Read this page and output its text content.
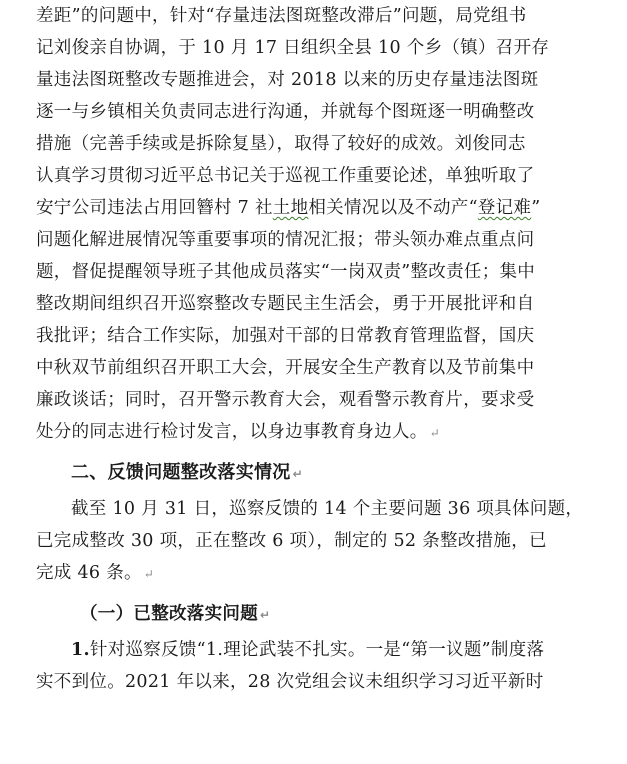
差距”的问题中，针对“存量违法图斑整改滞后”问题，局党组书
记刘俊亲自协调，于 10 月 17 日组织全县 10 个乡（镇）召开存
量违法图斑整改专题推进会，对 2018 以来的历史存量违法图斑
逐一与乡镇相关负责同志进行沟通，并就每个图斑逐一明确整改
措施（完善手续或是拆除复垦），取得了较好的成效。刘俊同志
认真学习贯彻习近平总书记关于巡视工作重要论述，单独听取了
安宁公司违法占用回簪村 7 社土地相关情况以及不动产“登记难”
问题化解进展情况等重要事项的情况汇报；带头领办难点重点问
题，督促提醒领导班子其他成员落实“一岗双责”整改责任；集中
整改期间组织召开巡察整改专题民主生活会，勇于开展批评和自
我批评；结合工作实际，加强对干部的日常教育管理监督，国庆
中秋双节前组织召开职工大会，开展安全生产教育以及节前集中
廉政谈话；同时，召开警示教育大会，观看警示教育片，要求受
处分的同志进行检讨发言，以身边事教育身边人。 ↵
二、反馈问题整改落实情况 ↵
截至 10 月 31 日，巡察反馈的 14 个主要问题 36 项具体问题，
已完成整改 30 项，正在整改 6 项），制定的 52 条整改措施，已
完成 46 条。 ↵
（一）已整改落实问题 ↵
1.针对巡察反馈“1.理论武装不扎实。一是“第一议题”制度落
实不到位。2021 年以来，28 次党组会议未组织学习习近平新时
